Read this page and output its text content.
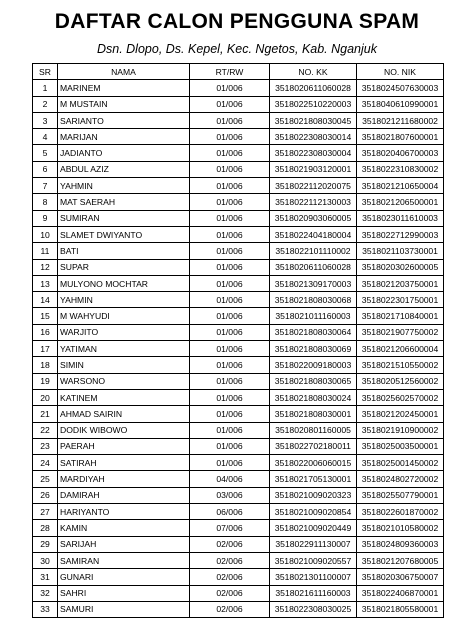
DAFTAR CALON PENGGUNA SPAM
Dsn. Dlopo, Ds. Kepel, Kec. Ngetos, Kab. Nganjuk
SR	NAMA	RT/RW	NO. KK	NO. NIK
1	MARINEM	01/006	3518020611060028	3518024507630003
2	M MUSTAIN	01/006	3518022510220003	3518040610990001
3	SARIANTO	01/006	3518021808030045	3518021211680002
4	MARIJAN	01/006	3518022308030014	3518021807600001
5	JADIANTO	01/006	3518022308030004	3518020406700003
6	ABDUL AZIZ	01/006	3518021903120001	3518022310830002
7	YAHMIN	01/006	3518022112020075	3518021210650004
8	MAT SAERAH	01/006	3518022112130003	3518021206500001
9	SUMIRAN	01/006	3518020903060005	3518023011610003
10	SLAMET DWIYANTO	01/006	3518022404180004	3518022712990003
11	BATI	01/006	3518022101110002	3518021103730001
12	SUPAR	01/006	3518020611060028	3518020302600005
13	MULYONO MOCHTAR	01/006	3518021309170003	3518021203750001
14	YAHMIN	01/006	3518021808030068	3518022301750001
15	M WAHYUDI	01/006	3518021011160003	3518021710840001
16	WARJITO	01/006	3518021808030064	3518021907750002
17	YATIMAN	01/006	3518021808030069	3518021206600004
18	SIMIN	01/006	3518022009180003	3518021510550002
19	WARSONO	01/006	3518021808030065	3518020512560002
20	KATINEM	01/006	3518021808030024	3518025602570002
21	AHMAD SAIRIN	01/006	3518021808030001	3518021202450001
22	DODIK WIBOWO	01/006	3518020801160005	3518021910900002
23	PAERAH	01/006	3518022702180011	3518025003500001
24	SATIRAH	01/006	3518022006060015	3518025001450002
25	MARDIYAH	04/006	3518021705130001	3518024802720002
26	DAMIRAH	03/006	3518021009020323	3518025507790001
27	HARIYANTO	06/006	3518021009020854	3518022601870002
28	KAMIN	07/006	3518021009020449	3518021010580002
29	SARIJAH	02/006	3518022911130007	3518024809360003
30	SAMIRAN	02/006	3518021009020557	3518021207680005
31	GUNARI	02/006	3518021301100007	3518020306750007
32	SAHRI	02/006	3518021611160003	3518022406870001
33	SAMURI	02/006	3518022308030025	3518021805580001
